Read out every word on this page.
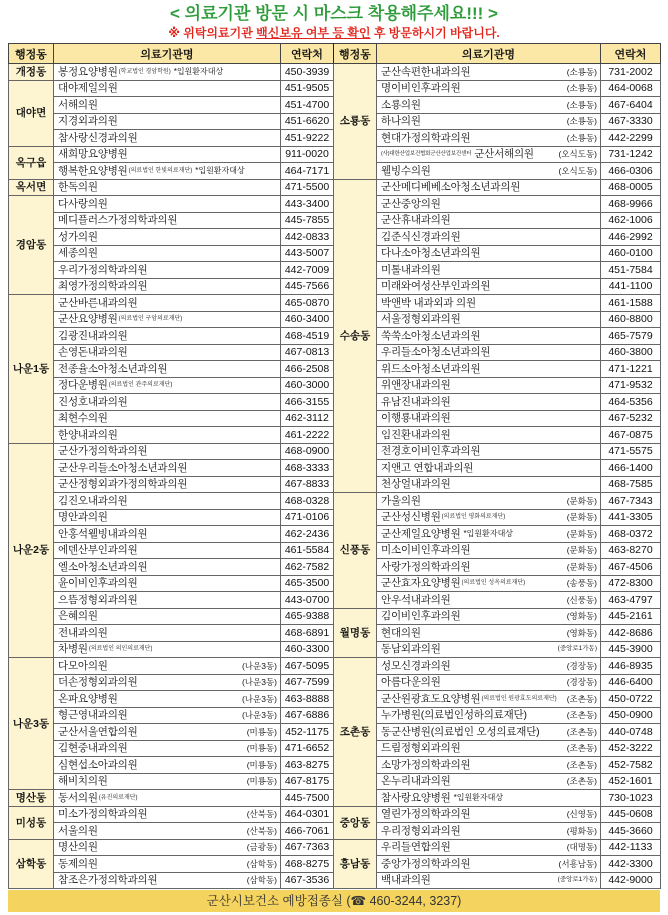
< 의료기관 방문 시 마스크 착용해주세요!!! >
※ 위탁의료기관 백신보유 여부 등 확인 후 방문하시기 바랍니다.
행정동	의료기관명	연락처	행정동	의료기관명	연락처
개정동	봉정요양병원 (학교법인 경암학원) *입원환자대상	450-3939	소룡동	군산속편한내과의원 (소룡동)	731-2002
대야면	대야제일의원	451-9505		명이비인후과의원 (소룡동)	464-0068

	서해의원	451-4700		소룡의원 (소룡동)	467-6404

	지경외과의원	451-6620		하나의원 (소룡동)	467-3330

	참사랑신경과의원	451-9222		현대가정의학과의원 (소룡동)	442-2299
옥구읍	새희망요양병원	911-0020		(사)대한산업보건협회군산산업보건센터 군산서해의원 (오식도동)	731-1242

	행복한요양병원 (의료법인 한빛의료재단) *입원환자대상	464-7171		웰빙수의원 (오식도동)	466-0306
옥서면	한독의원	471-5500	수송동	군산메디베베소아청소년과의원	468-0005
경암동	다사랑의원	443-3400		군산중앙의원	468-9966

	메디플러스가정의학과의원	445-7855		군산휴내과의원	462-1006

	성가의원	442-0833		김준식신경과의원	446-2992

	세종의원	443-5007		다나소아청소년과의원	460-0100

	우리가정의학과의원	442-7009		미톨내과의원	451-7584

	최영가정의학과의원	445-7566		미래와여성산부인과의원	441-1100
나운1동	군산바른내과의원	465-0870		박앤박 내과외과 의원	461-1588

	군산요양병원 (의료법인 구암의료재단)	460-3400		서울정형외과의원	460-8800

	김광진내과의원	468-4519		쑥쑥소아청소년과의원	465-7579

	손영돈내과의원	467-0813		우리들소아청소년과의원	460-3800

	전종율소아청소년과의원	466-2508		위드소아청소년과의원	471-1221

	정다운병원 (의료법인 관주의료재단)	460-3000		위앤장내과의원	471-9532

	진성호내과의원	466-3155		유남진내과의원	464-5356

	최현수의원	462-3112		이행룡내과의원	467-5232

	한양내과의원	461-2222		임진환내과의원	467-0875
나운2동	군산가정의학과의원	468-0900		전경호이비인후과의원	471-5575

	군산우리들소아청소년과의원	468-3333		지앤고 연합내과의원	466-1400

	군산정형외과가정의학과의원	467-8833		천상얼내과의원	468-7585

	김진오내과의원	468-0328	신풍동	가울의원 (문화동)	467-7343

	명안과의원	471-0106		군산성신병원 (의료법인 평화의료재단) (문화동)	441-3305

	안홍석웰빙내과의원	462-2436		군산제일요양병원 *입원환자대상 (문화동)	468-0372

	에덴산부인과의원	461-5584		미소이비인후과의원 (문화동)	463-8270

	엘소아청소년과의원	462-7582		사랑가정의학과의원 (문화동)	467-4506

	윤이비인후과의원	465-3500		군산효자요양병원 (의료법인 성옥의료재단) (송풍동)	472-8300

	으뜸정형외과의원	443-0700		안우석내과의원 (신풍동)	463-4797

	은혜의원	465-9388	월명동	김이비인후과의원 (영화동)	445-2161

	전내과의원	468-6891		현대의원 (영화동)	442-8686

	차병원 (의료법인 의인의료재단)	460-3300		동남외과의원 (중앙로1가동)	445-3900
나운3동	다모아의원 (나운3동)	467-5095	조촌동	성모신경과의원 (경장동)	446-8935

	더손정형외과의원 (나운3동)	467-7599		아름다운의원 (경장동)	446-6400

	온파요양병원 (나운3동)	463-8888		군산원광효도요양병원 (의료법인 원광효도의료재단) (조촌동)	450-0722

	형근영내과의원 (나운3동)	467-6886		누가병원(의료법인성하의료재단) (조촌동)	450-0900

	군산서울연합의원 (미룡동)	452-1175		동군산병원(의료법인 오성의료재단) (조촌동)	440-0748

	김현중내과의원 (미룡동)	471-6652		드림정형외과의원 (조촌동)	452-3222

	심현섭소아과의원 (미룡동)	463-8275		소망가정의학과의원 (조촌동)	452-7582

	해비치의원 (미룡동)	467-8175		온누리내과의원 (조촌동)	452-1601
명산동	동서의원 (유진의료재단)	445-7500		참사랑요양병원 *입원환자대상	730-1023
미성동	미소가정의학과의원 (산북동)	464-0301	중앙동	열린가정의학과의원 (신영동)	445-0608

	서울의원 (산북동)	466-7061		우리정형외과의원 (평화동)	445-3660
삼학동	명산의원 (금광동)	467-7363	흥남동	우리들연합의원 (대명동)	442-1133

	동제의원 (삼학동)	468-8275		중앙가정의학과의원 (서흥남동)	442-3300

	참조은가정의학과의원 (삼학동)	467-3536		백내과의원 (중앙로1가동)	442-9000
군산시보건소 예방접종실 (☎ 460-3244, 3237)
